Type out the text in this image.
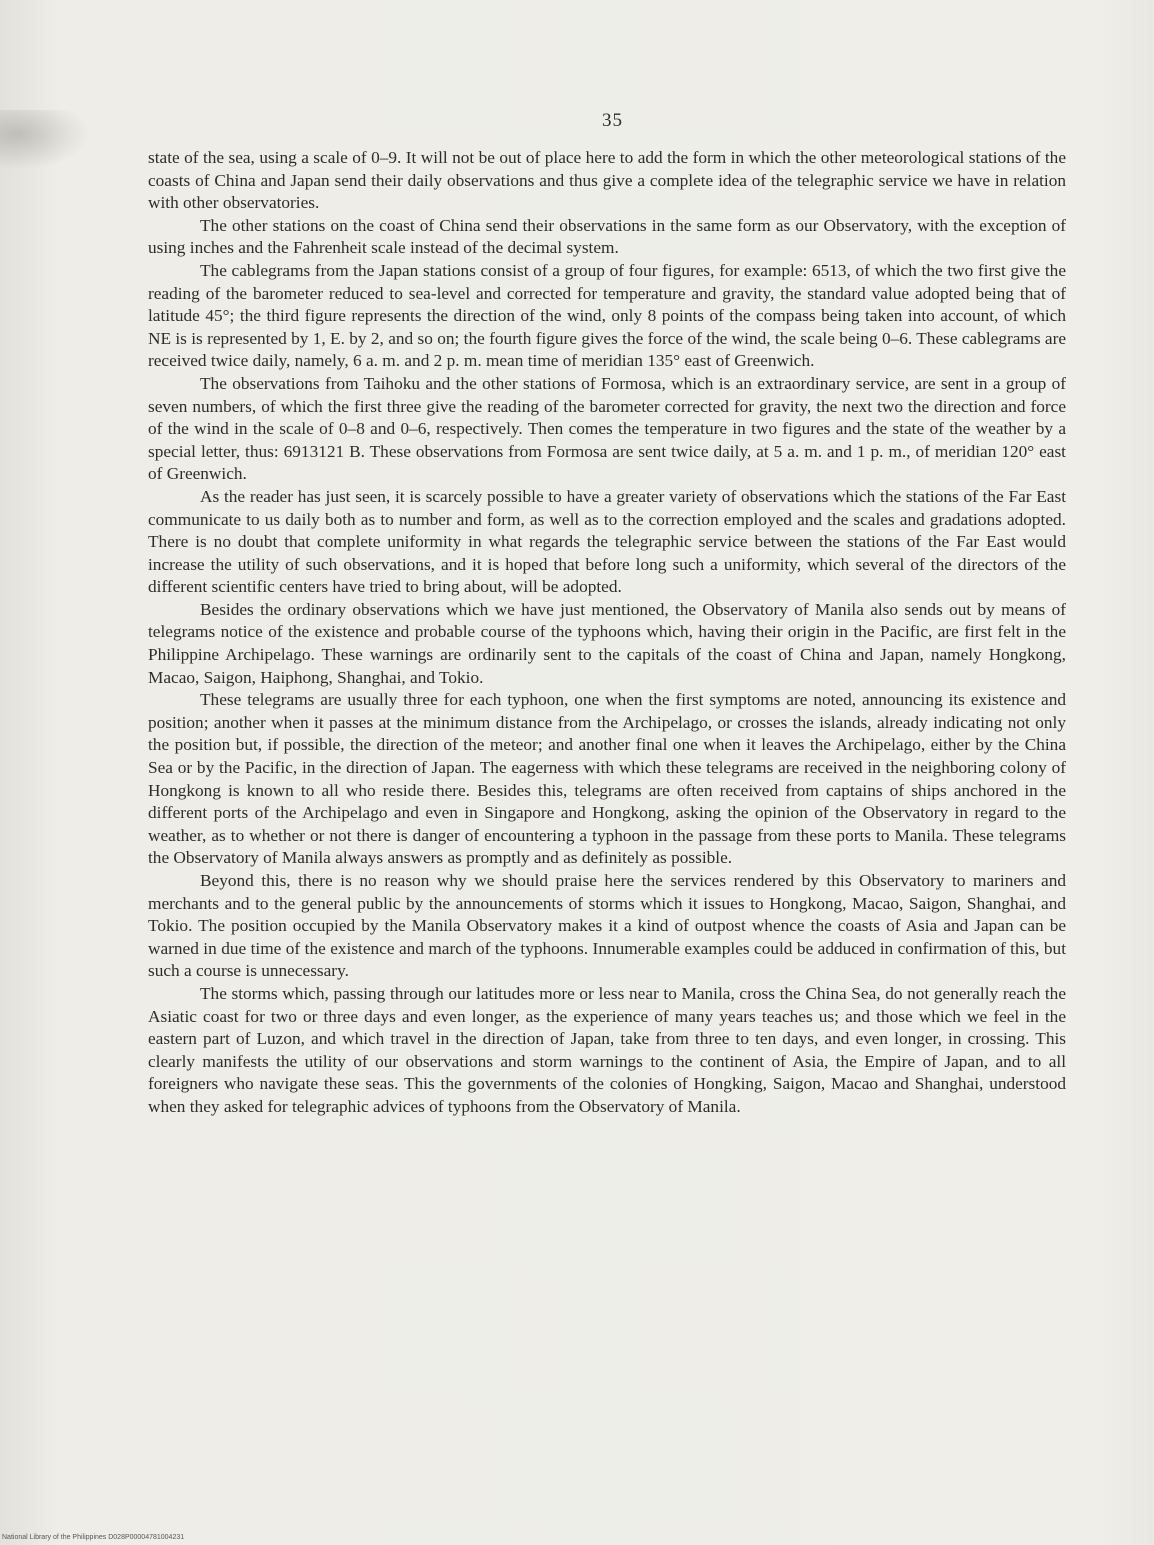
35

state of the sea, using a scale of 0–9. It will not be out of place here to add the form in which the other meteorological stations of the coasts of China and Japan send their daily observations and thus give a complete idea of the telegraphic service we have in relation with other observatories.

The other stations on the coast of China send their observations in the same form as our Observatory, with the exception of using inches and the Fahrenheit scale instead of the decimal system.

The cablegrams from the Japan stations consist of a group of four figures, for example: 6513, of which the two first give the reading of the barometer reduced to sea-level and corrected for temperature and gravity, the standard value adopted being that of latitude 45°; the third figure represents the direction of the wind, only 8 points of the compass being taken into account, of which NE is is represented by 1, E. by 2, and so on; the fourth figure gives the force of the wind, the scale being 0–6. These cablegrams are received twice daily, namely, 6 a. m. and 2 p. m. mean time of meridian 135° east of Greenwich.

The observations from Taihoku and the other stations of Formosa, which is an extraordinary service, are sent in a group of seven numbers, of which the first three give the reading of the barometer corrected for gravity, the next two the direction and force of the wind in the scale of 0–8 and 0–6, respectively. Then comes the temperature in two figures and the state of the weather by a special letter, thus: 6913121 B. These observations from Formosa are sent twice daily, at 5 a. m. and 1 p. m., of meridian 120° east of Greenwich.

As the reader has just seen, it is scarcely possible to have a greater variety of observations which the stations of the Far East communicate to us daily both as to number and form, as well as to the correction employed and the scales and gradations adopted. There is no doubt that complete uniformity in what regards the telegraphic service between the stations of the Far East would increase the utility of such observations, and it is hoped that before long such a uniformity, which several of the directors of the different scientific centers have tried to bring about, will be adopted.

Besides the ordinary observations which we have just mentioned, the Observatory of Manila also sends out by means of telegrams notice of the existence and probable course of the typhoons which, having their origin in the Pacific, are first felt in the Philippine Archipelago. These warnings are ordinarily sent to the capitals of the coast of China and Japan, namely Hongkong, Macao, Saigon, Haiphong, Shanghai, and Tokio.

These telegrams are usually three for each typhoon, one when the first symptoms are noted, announcing its existence and position; another when it passes at the minimum distance from the Archipelago, or crosses the islands, already indicating not only the position but, if possible, the direction of the meteor; and another final one when it leaves the Archipelago, either by the China Sea or by the Pacific, in the direction of Japan. The eagerness with which these telegrams are received in the neighboring colony of Hongkong is known to all who reside there. Besides this, telegrams are often received from captains of ships anchored in the different ports of the Archipelago and even in Singapore and Hongkong, asking the opinion of the Observatory in regard to the weather, as to whether or not there is danger of encountering a typhoon in the passage from these ports to Manila. These telegrams the Observatory of Manila always answers as promptly and as definitely as possible.

Beyond this, there is no reason why we should praise here the services rendered by this Observatory to mariners and merchants and to the general public by the announcements of storms which it issues to Hongkong, Macao, Saigon, Shanghai, and Tokio. The position occupied by the Manila Observatory makes it a kind of outpost whence the coasts of Asia and Japan can be warned in due time of the existence and march of the typhoons. Innumerable examples could be adduced in confirmation of this, but such a course is unnecessary.

The storms which, passing through our latitudes more or less near to Manila, cross the China Sea, do not generally reach the Asiatic coast for two or three days and even longer, as the experience of many years teaches us; and those which we feel in the eastern part of Luzon, and which travel in the direction of Japan, take from three to ten days, and even longer, in crossing. This clearly manifests the utility of our observations and storm warnings to the continent of Asia, the Empire of Japan, and to all foreigners who navigate these seas. This the governments of the colonies of Hongking, Saigon, Macao and Shanghai, understood when they asked for telegraphic advices of typhoons from the Observatory of Manila.

National Library of the Philippines D028P00004781004231
